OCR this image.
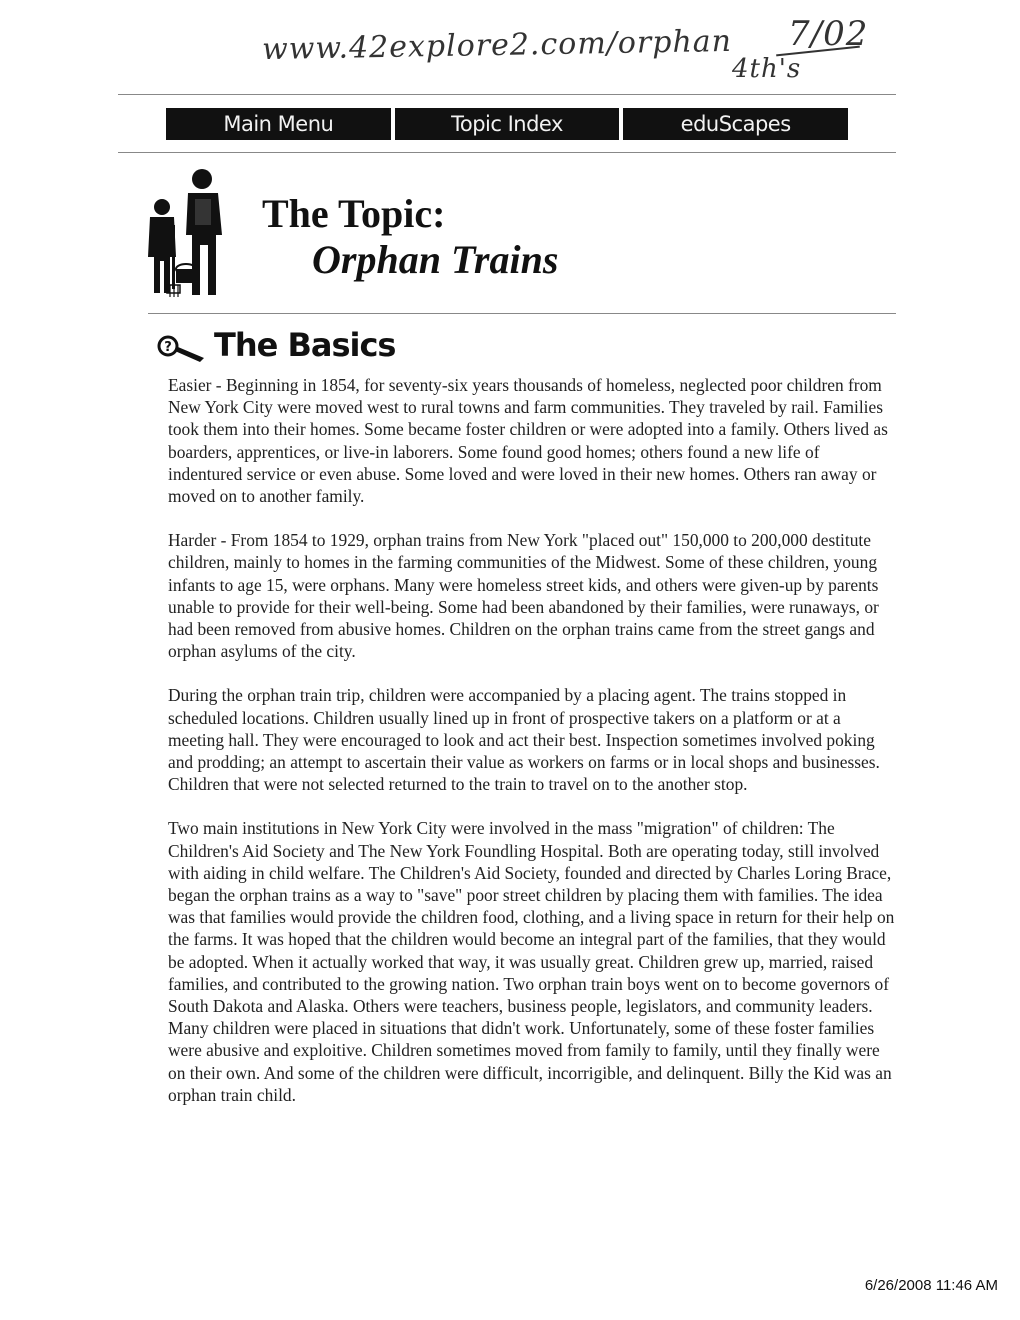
www.42explore2.com/orphan 7/02
4th's
Main Menu	Topic Index	eduScapes
The Topic:
Orphan Trains
? The Basics

Easier - Beginning in 1854, for seventy-six years thousands of homeless, neglected poor children from New York City were moved west to rural towns and farm communities. They traveled by rail. Families took them into their homes. Some became foster children or were adopted into a family. Others lived as boarders, apprentices, or live-in laborers. Some found good homes; others found a new life of indentured service or even abuse. Some loved and were loved in their new homes. Others ran away or moved on to another family.

Harder - From 1854 to 1929, orphan trains from New York "placed out" 150,000 to 200,000 destitute children, mainly to homes in the farming communities of the Midwest. Some of these children, young infants to age 15, were orphans. Many were homeless street kids, and others were given-up by parents unable to provide for their well-being. Some had been abandoned by their families, were runaways, or had been removed from abusive homes. Children on the orphan trains came from the street gangs and orphan asylums of the city.

During the orphan train trip, children were accompanied by a placing agent. The trains stopped in scheduled locations. Children usually lined up in front of prospective takers on a platform or at a meeting hall. They were encouraged to look and act their best. Inspection sometimes involved poking and prodding; an attempt to ascertain their value as workers on farms or in local shops and businesses. Children that were not selected returned to the train to travel on to the another stop.

Two main institutions in New York City were involved in the mass "migration" of children: The Children's Aid Society and The New York Foundling Hospital. Both are operating today, still involved with aiding in child welfare. The Children's Aid Society, founded and directed by Charles Loring Brace, began the orphan trains as a way to "save" poor street children by placing them with families. The idea was that families would provide the children food, clothing, and a living space in return for their help on the farms. It was hoped that the children would become an integral part of the families, that they would be adopted. When it actually worked that way, it was usually great. Children grew up, married, raised families, and contributed to the growing nation. Two orphan train boys went on to become governors of South Dakota and Alaska. Others were teachers, business people, legislators, and community leaders. Many children were placed in situations that didn't work. Unfortunately, some of these foster families were abusive and exploitive. Children sometimes moved from family to family, until they finally were on their own. And some of the children were difficult, incorrigible, and delinquent. Billy the Kid was an orphan train child.

6/26/2008 11:46 AM
